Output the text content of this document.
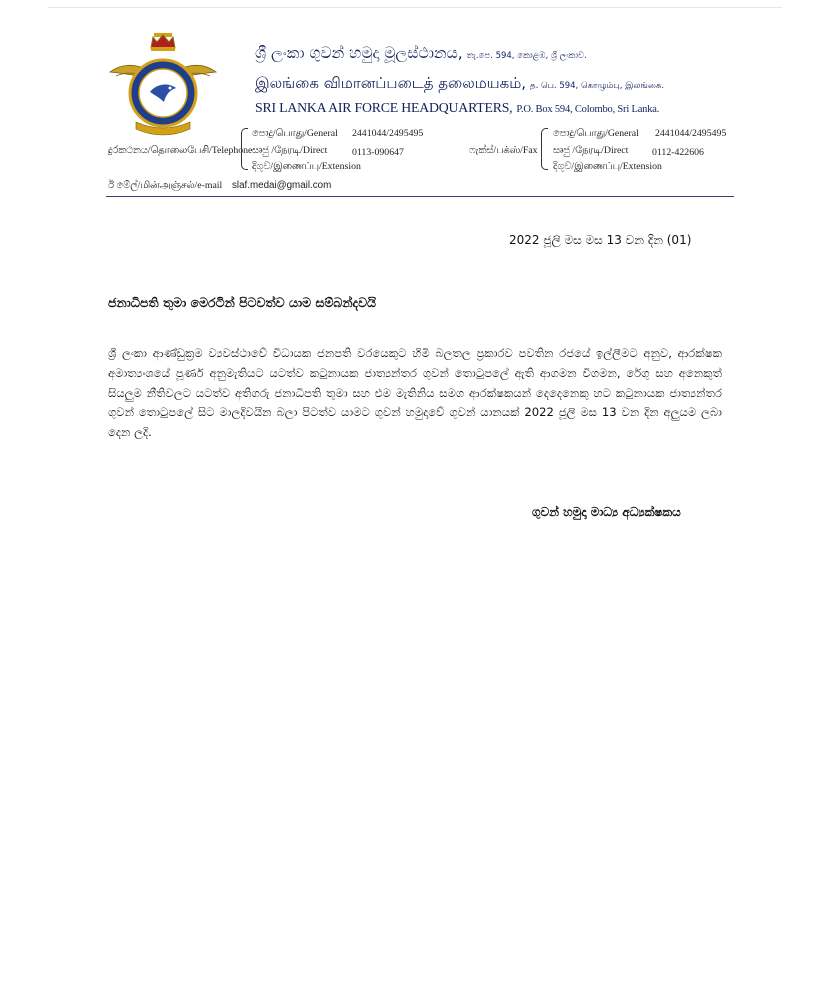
ශ්‍රී ලංකා ගුවන් හමුදා මූලස්ථානය, තැ.පෙ. 594, කොළඹ, ශ්‍රී ලංකාව.
இலங்கை விமானப்படைத் தலைமயகம், த. பெ. 594, கொழும்பு, இலங்கை.
SRI LANKA AIR FORCE HEADQUARTERS, P.O. Box 594, Colombo, Sri Lanka.
දුරකථනය/தொலைபேசி/Telephone
පොදු/பொது/General 2441044/2495495
සෘජු /நேரடி/Direct	0113-090647
දිගුව/இணைப்பு/Extension
ෆැක්ස්/பக்ஸ்/Fax
පොදු/பொது/General 2441044/2495495
සෘජු /நேரடி/Direct 0112-422606
දිගුව/இணைப்பு/Extension
ඊ මේල්/மின்அஞ்சல்/e-mail slaf.medai@gmail.com
2022 ජූලි මස මස 13 වන දින (01)
ජනාධිපති තුමා මෙරටින් පිටවත්ව යාම සම්බන්දවයි
ශ්‍රී ලංකා ආණ්ඩුක්‍රම ව්‍යවස්ථාවේ විධායක ජනපති වරයෙකුට හිමි බලතල ප්‍රකාරව පවතින රජයේ ඉල්ලීමට අනුව, ආරක්ෂක අමාත්‍යංශයේ පූර්ණ අනුමැතියට යටත්ව කටුනායක ජාත්‍යන්තර ගුවන් තොටුපලේ ඇති ආගමන විගමන, රේගු සහ අනෙකුත් සියලුම නීතිවලට යටත්ව අතිගරු ජනාධිපති තුමා සහ එම මැතිනිය සමග ආරක්ෂකයන් දෙදෙනෙකු හට කටුනායක ජාත්‍යන්තර ගුවන් තොටුපලේ සිට මාලදිවයින බලා පිටත්ව යාමට ගුවන් හමුදාවේ ගුවන් යානයක් 2022 ජූලි මස 13 වන දින අලුයම ලබා දෙන ලදි.
ගුවන් හමුදා මාධ්‍ය අධ්‍යක්ෂකය
